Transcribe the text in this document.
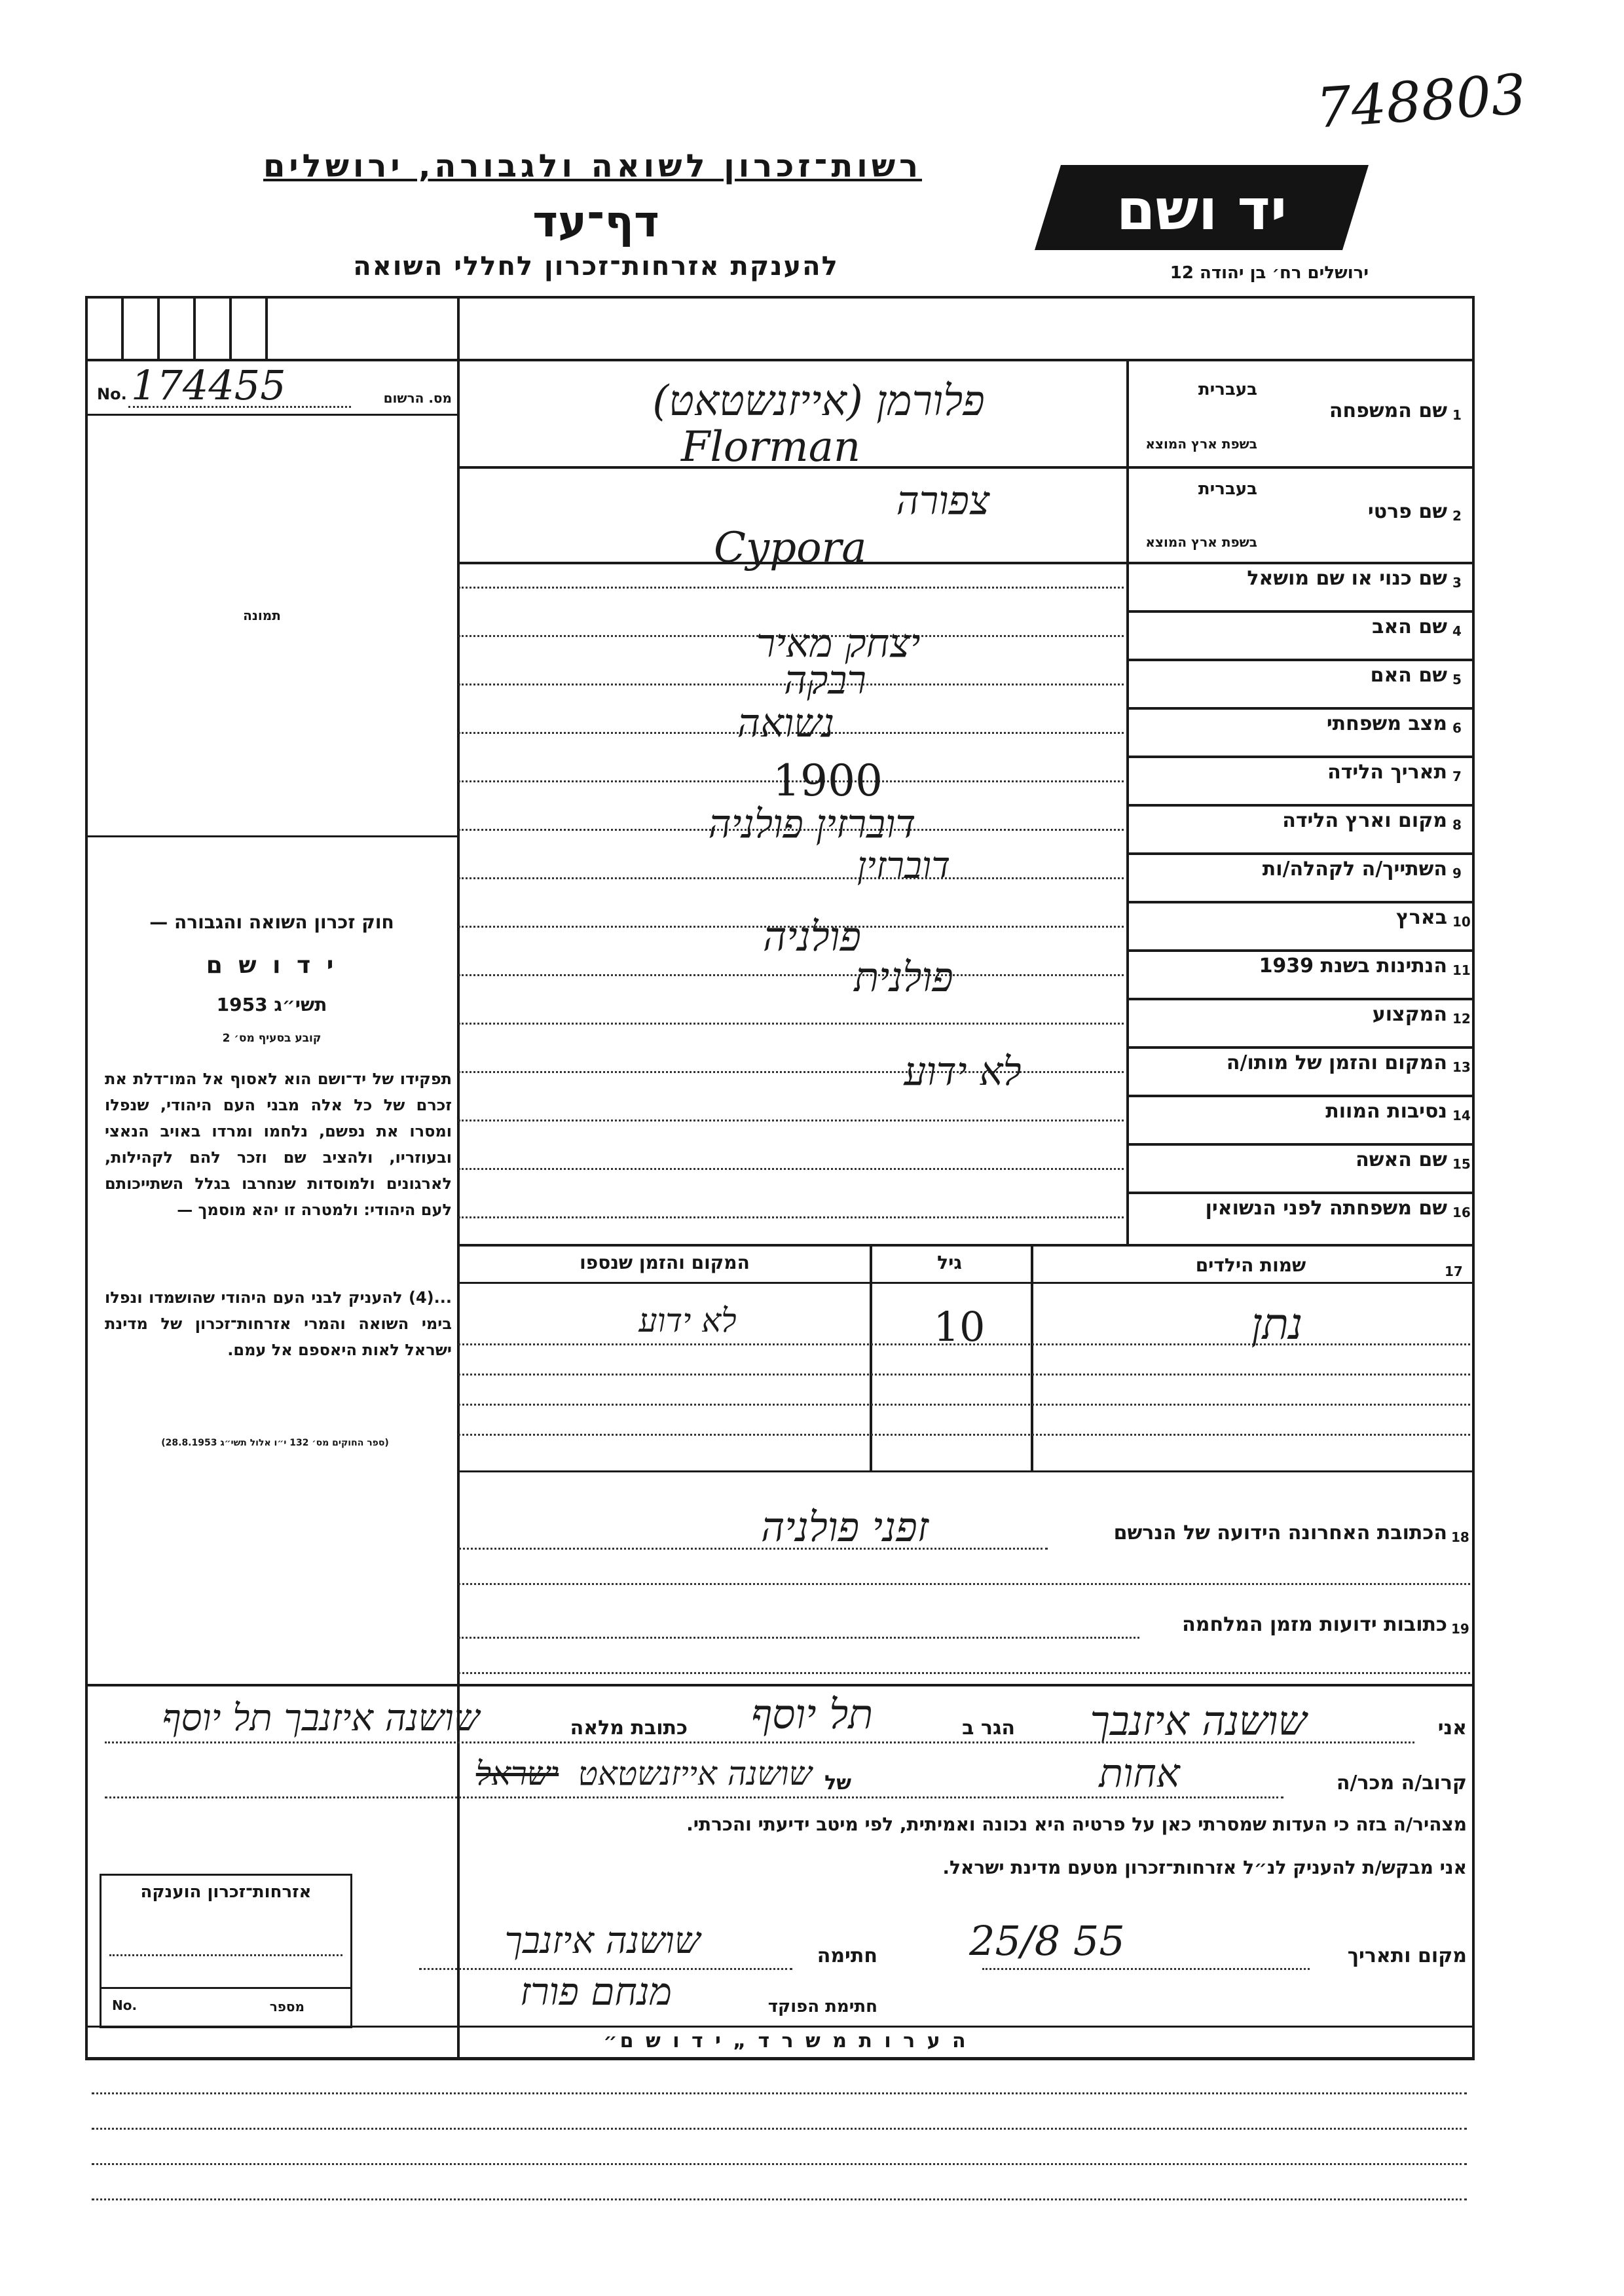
748803
רשות־זכרון לשואה ולגבורה, ירושלים
דף־עד
להענקת אזרחות־זכרון לחללי השואה
יד ושם
ירושלים רח׳ בן יהודה 12
תמונה
No. 174455	מס. הרשום
חוק זכרון השואה והגבורה —
י ד ו ש ם
תשי״ג 1953
קובע בסעיף מס׳ 2
תפקידו של יד־ושם הוא לאסוף אל המו־דלת את זכרם של כל אלה מבני העם היהודי, שנפלו ומסרו את נפשם, נלחמו ומרדו באויב הנאצי ובעוזריו, ולהציב שם וזכר להם לקהילות, לארגונים ולמוסדות שנחרבו בגלל השתייכותם לעם היהודי: ולמטרה זו יהא מוסמך —
...(4) להעניק לבני העם היהודי שהושמדו ונפלו בימי השואה והמרי אזרחות־זכרון של מדינת ישראל לאות היאספם אל עמם.
(ספר החוקים מס׳ 132 י״ו אלול תשי״ג 28.8.1953)
1
שם המשפחה
בעברית
בשפת ארץ המוצא
פלורמן (אייזנשטאט)
Florman
2
שם פרטי
בעברית
בשפת ארץ המוצא
צפורה
Cypora
3
שם כנוי או שם מושאל
4
שם האב
יצחק מאיר
5
שם האם
רבקה
6
מצב משפחתי
נשואה
7
תאריך הלידה
1900
8
מקום וארץ הלידה
דוברזין פולניה
9
השתייך/ה לקהלה/ות
דוברזין
10
בארץ
פולניה
11
הנתינות בשנת 1939
פולנית
12
המקצוע
13
המקום והזמן של מותו/ה
לא ידוע
14
נסיבות המוות
15
שם האשה
16
שם משפחתה לפני הנשואין
17
שמות הילדים
גיל
המקום והזמן שנספו
נתן
10
לא ידוע
18
הכתובת האחרונה הידועה של הנרשם
זפני פולניה
19
כתובות ידועות מזמן המלחמה
אני
שושנה איזנבך
הגר ב
תל יוסף
כתובת מלאה
שושנה איזנבך תל יוסף
קרוב/ה מכר/ה
אחות
של
שושנה אייזנשטאט
ישראל
מצהיר/ה בזה כי העדות שמסרתי כאן על פרטיה היא נכונה ואמיתית, לפי מיטב ידיעתי והכרתי.
אני מבקש/ת להעניק לנ״ל אזרחות־זכרון מטעם מדינת ישראל.
מקום ותאריך
25/8 55
חתימה
שושנה איזנבך
חתימת הפוקד
מנחם פורז
אזרחות־זכרון הוענקה
No.	מספר
ה ע ר ו ת מ ש ר ד „ י ד ו ש ם״
